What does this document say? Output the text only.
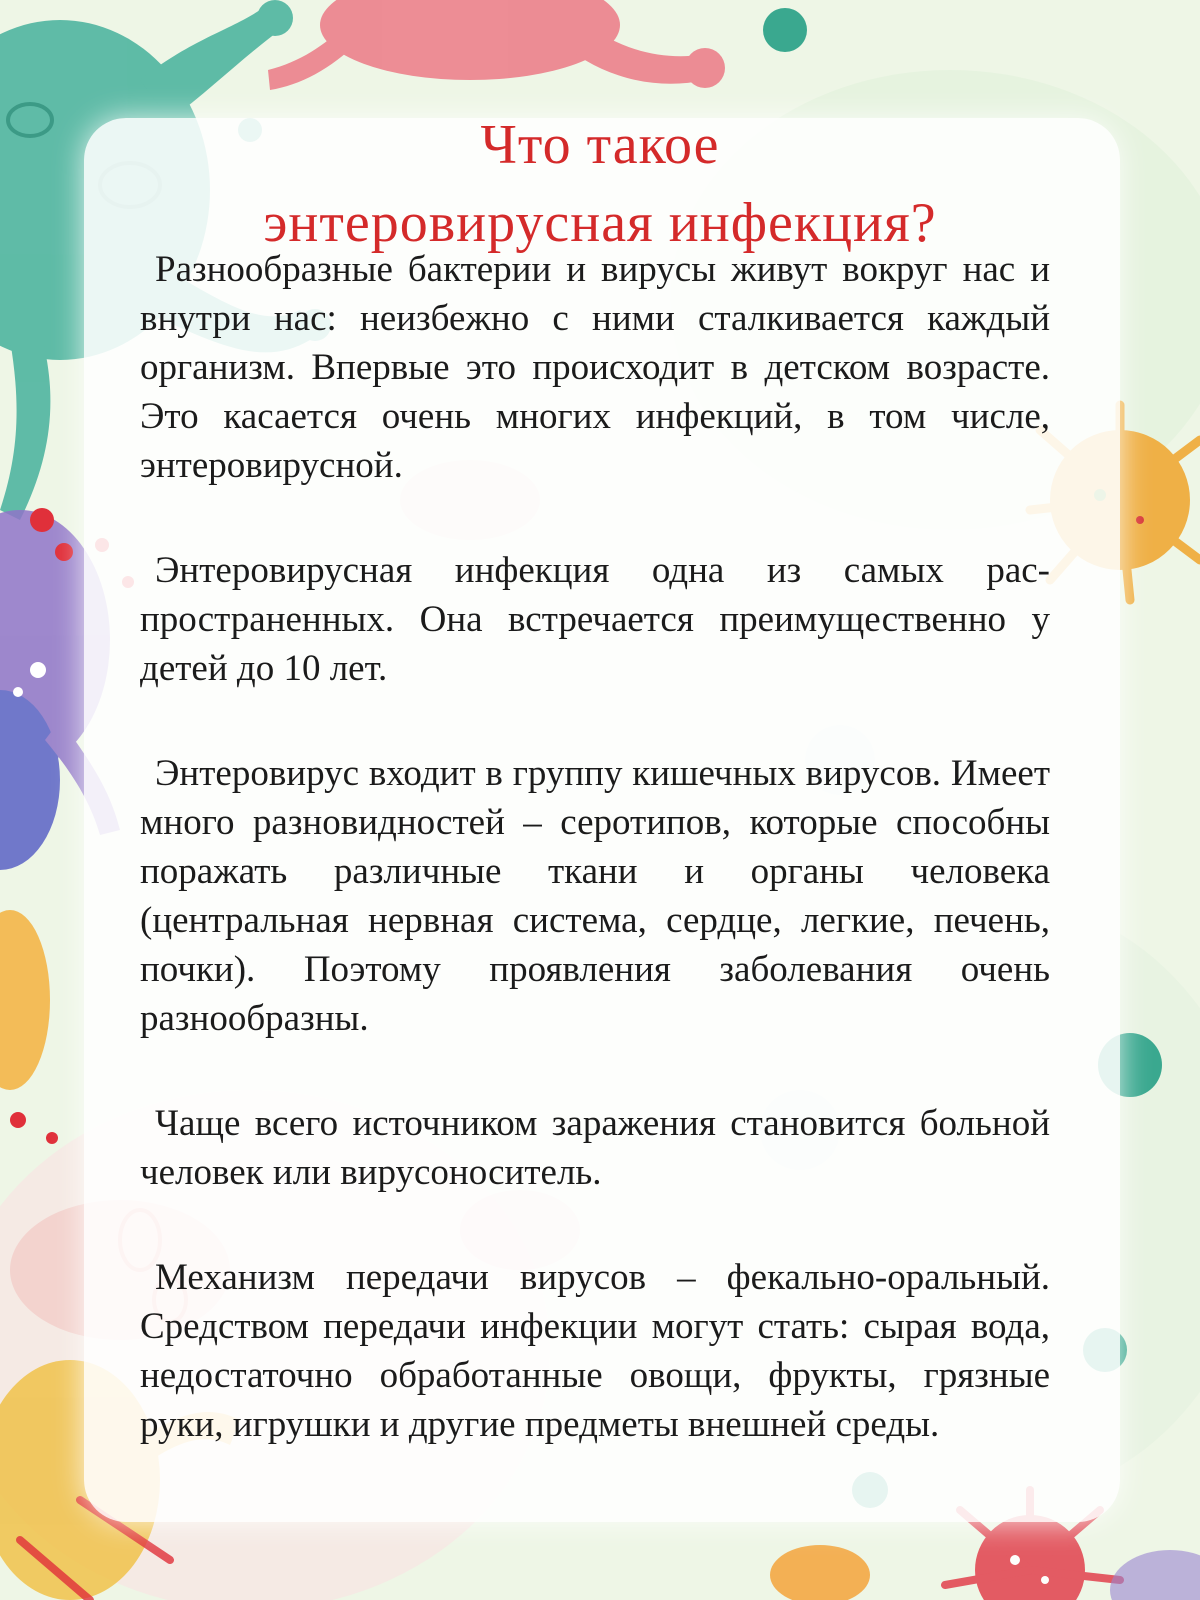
Что такое
энтеровирусная инфекция?

Разнообразные бактерии и вирусы живут вокруг нас и внутри нас: неизбежно с ними сталкивается каждый организм. Впервые это происходит в детском возрасте. Это касается очень многих инфекций, в том числе, энтеровирусной.

Энтеровирусная инфекция одна из самых распространенных. Она встречается преимущественно у детей до 10 лет.

Энтеровирус входит в группу кишечных вирусов. Имеет много разновидностей – серотипов, которые способны поражать различные ткани и органы человека (центральная нервная система, сердце, легкие, печень, почки). Поэтому проявления заболевания очень разнообразны.

Чаще всего источником заражения становится больной человек или вирусоноситель.

Механизм передачи вирусов – фекально-оральный. Средством передачи инфекции могут стать: сырая вода, недостаточно обработанные овощи, фрукты, грязные руки, игрушки и другие предметы внешней среды.
